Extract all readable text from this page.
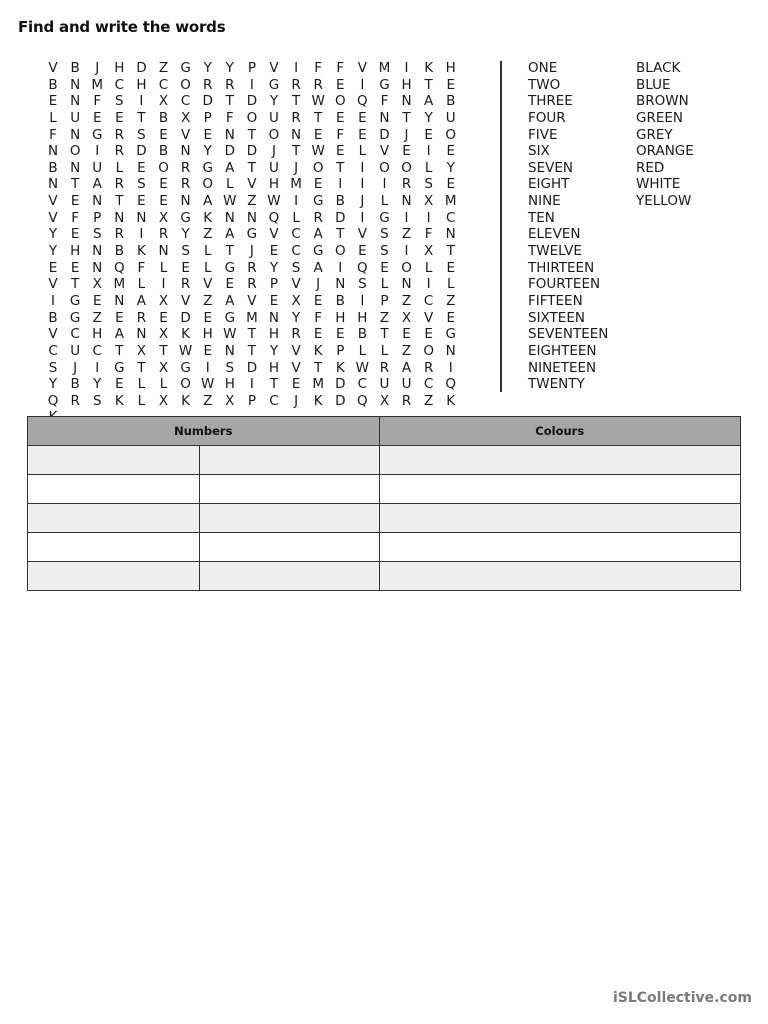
Find and write the words
V B	J	H D Z G Y	Y	P V	I	F	F	V M	I	K H
B N M C H C O R R	I	G R R E	I	G H T	E
E N F	S	I	X C D T D Y	T W O Q F N A B
L U E	E	T B X P	F O U R T	E	E N T	Y U
F N G R S	E V E N T O N E	F	E D	J	E O
N O	I	R D B N Y D D	J	T W E	L	V E	I	E
B N U L	E O R G A T U	J	O T	I	O O L	Y
N T A R S	E R O L	V H M E	I	I	I	R S	E
V E N T	E	E N A W Z W I	G B	J	L N X M
V	F	P N N X G K N N Q L	R D	I	G	I	I	C
Y	E	S R	I	R Y Z A G V C A T V S Z	F N
Y H N B K N S	L	T	J	E C G O E	S	I	X T
E	E N Q F	L	E	L G R Y	S A	I	Q E O L	E
V T X M L	I	R V E R P V	J	N S	L N	I	L
I	G E N A X V Z A V E X E B	I	P Z C Z
B G Z E R E D E G M N Y	F H H Z X V E
V C H A N X K H W T H R E	E B T	E	E G
C U C T X T W E N T	Y V K	P	L	L	Z O N
S	J	I	G T X G	I	S D H V T	K W R A R	I
Y B Y	E	L	L O W H	I	T	E M D C U U C Q
Q R S K	L	X K Z X P C	J	K D Q X R Z K
ONE
TWO
THREE
FOUR
FIVE
SIX
SEVEN
EIGHT
NINE
TEN
ELEVEN
TWELVE
THIRTEEN
FOURTEEN
FIFTEEN
SIXTEEN
SEVENTEEN
EIGHTEEN
NINETEEN
TWENTY
BLACK
BLUE
BROWN
GREEN
GREY
ORANGE
RED
WHITE
YELLOW
Numbers		Colours

iSLCollective.com
